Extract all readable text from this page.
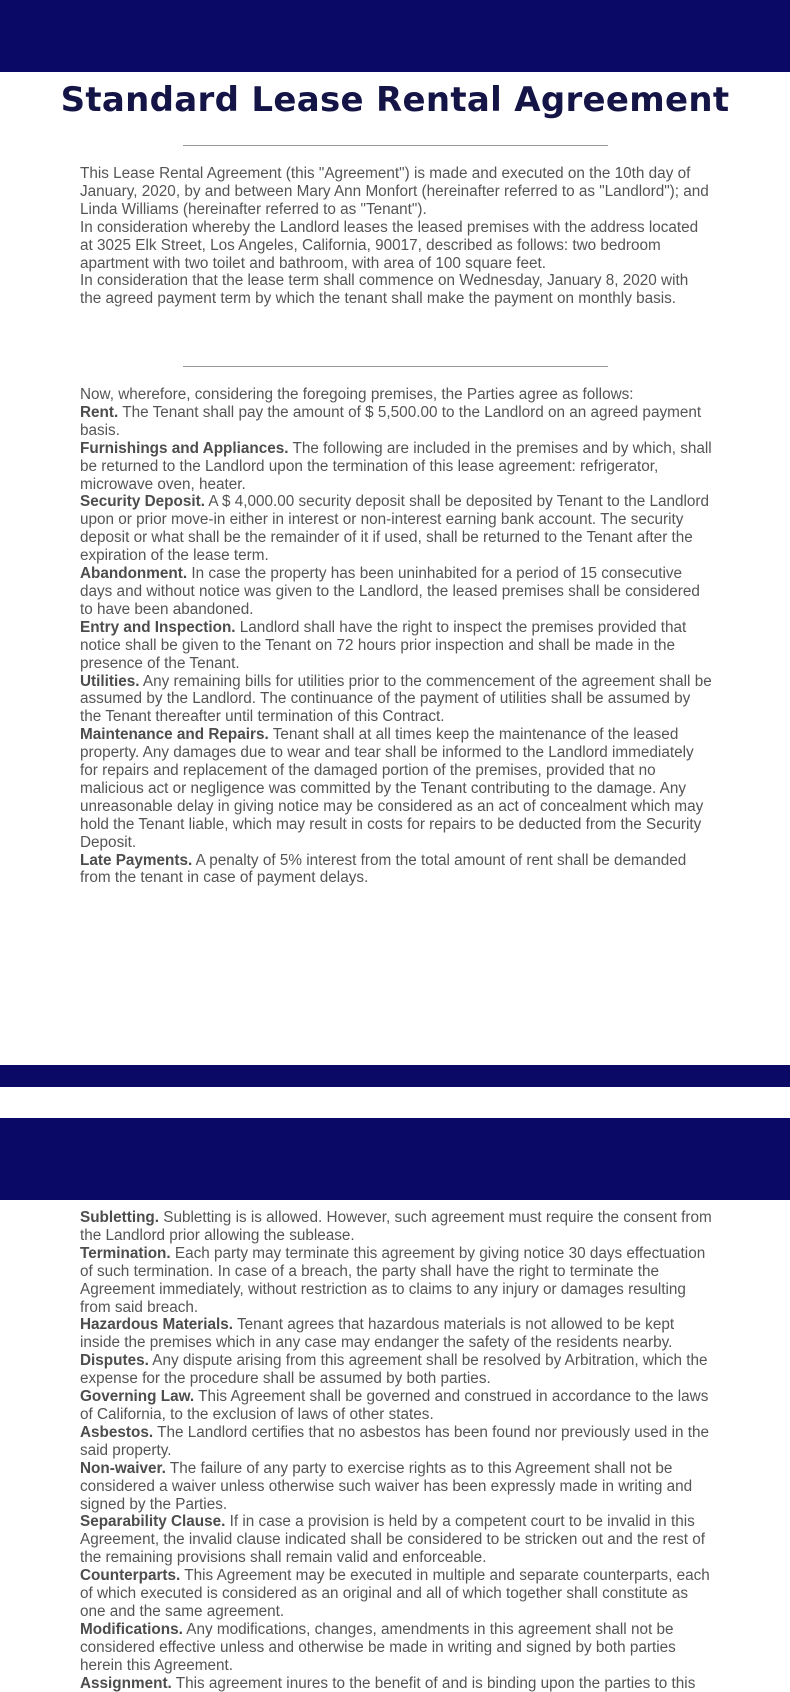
Standard Lease Rental Agreement

This Lease Rental Agreement (this "Agreement") is made and executed on the 10th day of January, 2020, by and between Mary Ann Monfort (hereinafter referred to as "Landlord"); and Linda Williams (hereinafter referred to as "Tenant").

In consideration whereby the Landlord leases the leased premises with the address located at 3025 Elk Street, Los Angeles, California, 90017, described as follows: two bedroom apartment with two toilet and bathroom, with area of 100 square feet.

In consideration that the lease term shall commence on Wednesday, January 8, 2020 with the agreed payment term by which the tenant shall make the payment on monthly basis.

Now, wherefore, considering the foregoing premises, the Parties agree as follows:

Rent. The Tenant shall pay the amount of $ 5,500.00 to the Landlord on an agreed payment basis.

Furnishings and Appliances. The following are included in the premises and by which, shall be returned to the Landlord upon the termination of this lease agreement: refrigerator, microwave oven, heater.

Security Deposit. A $ 4,000.00 security deposit shall be deposited by Tenant to the Landlord upon or prior move-in either in interest or non-interest earning bank account. The security deposit or what shall be the remainder of it if used, shall be returned to the Tenant after the expiration of the lease term.

Abandonment. In case the property has been uninhabited for a period of 15 consecutive days and without notice was given to the Landlord, the leased premises shall be considered to have been abandoned.

Entry and Inspection. Landlord shall have the right to inspect the premises provided that notice shall be given to the Tenant on 72 hours prior inspection and shall be made in the presence of the Tenant.

Utilities. Any remaining bills for utilities prior to the commencement of the agreement shall be assumed by the Landlord. The continuance of the payment of utilities shall be assumed by the Tenant thereafter until termination of this Contract.

Maintenance and Repairs. Tenant shall at all times keep the maintenance of the leased property. Any damages due to wear and tear shall be informed to the Landlord immediately for repairs and replacement of the damaged portion of the premises, provided that no malicious act or negligence was committed by the Tenant contributing to the damage. Any unreasonable delay in giving notice may be considered as an act of concealment which may hold the Tenant liable, which may result in costs for repairs to be deducted from the Security Deposit.

Late Payments. A penalty of 5% interest from the total amount of rent shall be demanded from the tenant in case of payment delays.

Subletting. Subletting is is allowed. However, such agreement must require the consent from the Landlord prior allowing the sublease.

Termination. Each party may terminate this agreement by giving notice 30 days effectuation of such termination. In case of a breach, the party shall have the right to terminate the Agreement immediately, without restriction as to claims to any injury or damages resulting from said breach.

Hazardous Materials. Tenant agrees that hazardous materials is not allowed to be kept inside the premises which in any case may endanger the safety of the residents nearby.

Disputes. Any dispute arising from this agreement shall be resolved by Arbitration, which the expense for the procedure shall be assumed by both parties.

Governing Law. This Agreement shall be governed and construed in accordance to the laws of California, to the exclusion of laws of other states.

Asbestos. The Landlord certifies that no asbestos has been found nor previously used in the said property.

Non-waiver. The failure of any party to exercise rights as to this Agreement shall not be considered a waiver unless otherwise such waiver has been expressly made in writing and signed by the Parties.

Separability Clause. If in case a provision is held by a competent court to be invalid in this Agreement, the invalid clause indicated shall be considered to be stricken out and the rest of the remaining provisions shall remain valid and enforceable.

Counterparts. This Agreement may be executed in multiple and separate counterparts, each of which executed is considered as an original and all of which together shall constitute as one and the same agreement.

Modifications. Any modifications, changes, amendments in this agreement shall not be considered effective unless and otherwise be made in writing and signed by both parties herein this Agreement.

Assignment. This agreement inures to the benefit of and is binding upon the parties to this
